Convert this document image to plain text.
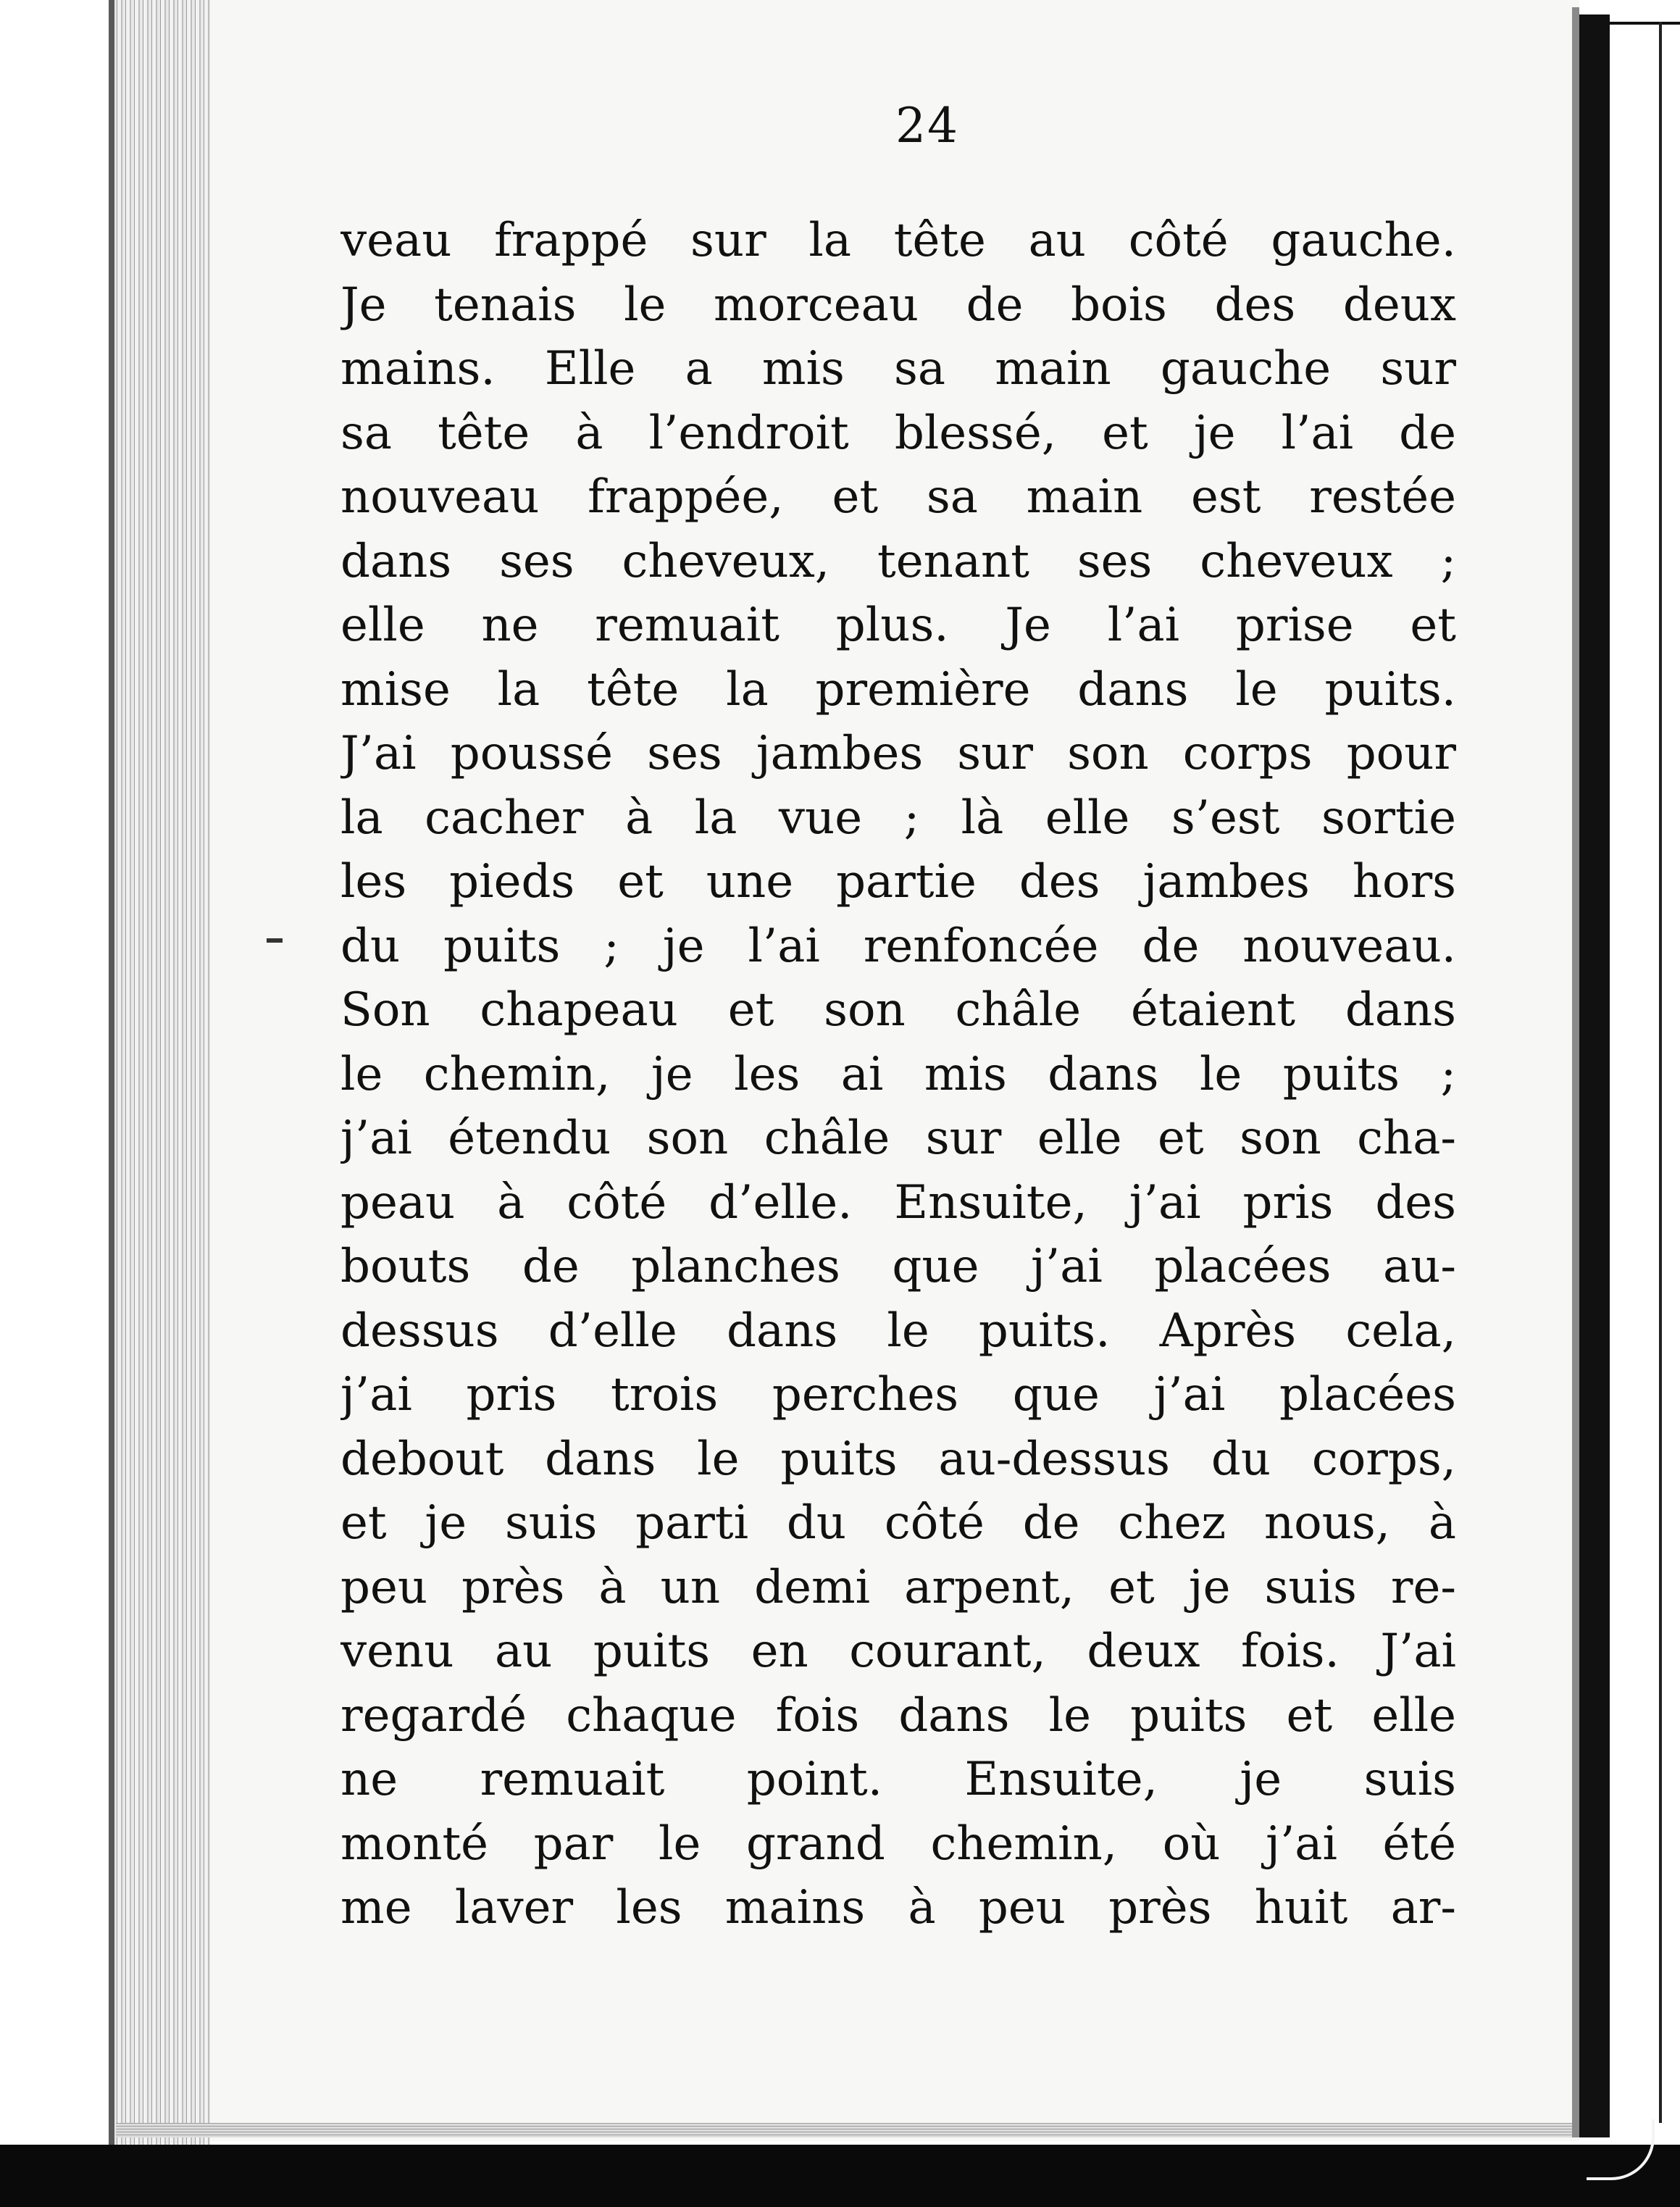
24
veau frappé sur la tête au côté gauche.
Je tenais le morceau de bois des deux
mains. Elle a mis sa main gauche sur
sa tête à l’endroit blessé, et je l’ai de
nouveau frappée, et sa main est restée
dans ses cheveux, tenant ses cheveux ;
elle ne remuait plus. Je l’ai prise et
mise la tête la première dans le puits.
J’ai poussé ses jambes sur son corps pour
la cacher à la vue ; là elle s’est sortie
les pieds et une partie des jambes hors
du puits ; je l’ai renfoncée de nouveau.
Son chapeau et son châle étaient dans
le chemin, je les ai mis dans le puits ;
j’ai étendu son châle sur elle et son cha-
peau à côté d’elle. Ensuite, j’ai pris des
bouts de planches que j’ai placées au-
dessus d’elle dans le puits. Après cela,
j’ai pris trois perches que j’ai placées
debout dans le puits au-dessus du corps,
et je suis parti du côté de chez nous, à
peu près à un demi arpent, et je suis re-
venu au puits en courant, deux fois. J’ai
regardé chaque fois dans le puits et elle
ne remuait point. Ensuite, je suis
monté par le grand chemin, où j’ai été
me laver les mains à peu près huit ar-
